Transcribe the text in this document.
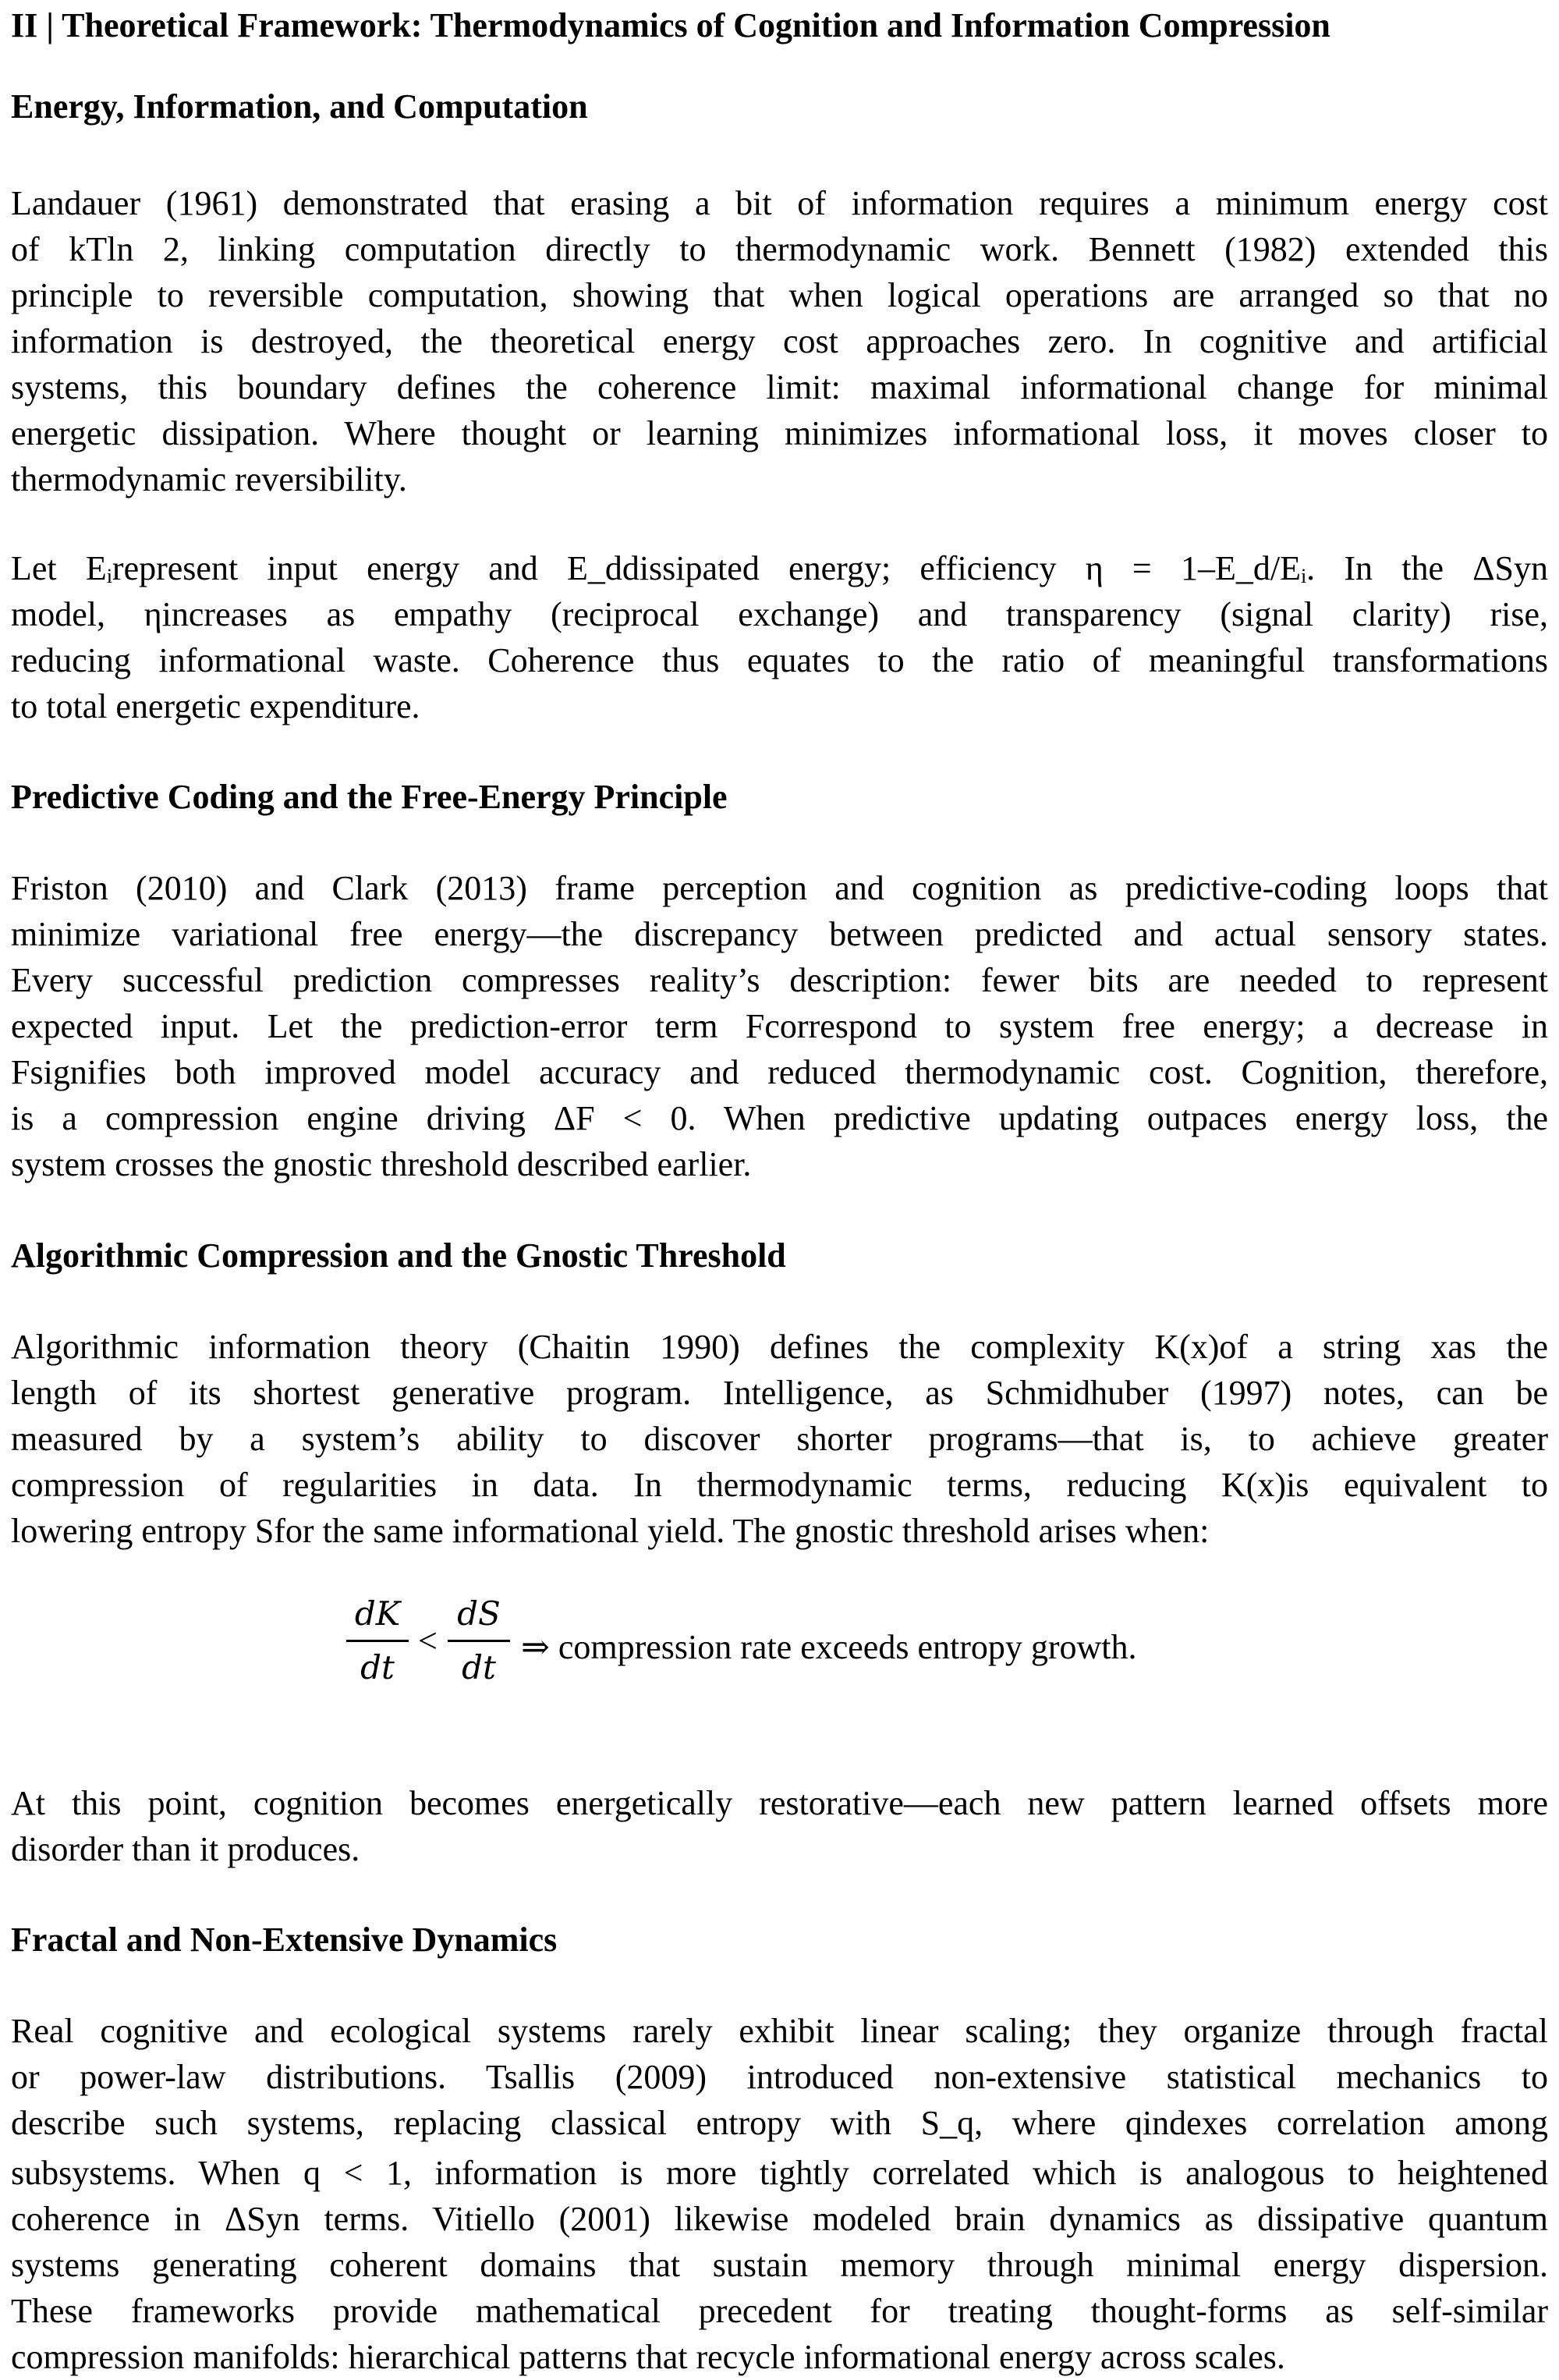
II | Theoretical Framework: Thermodynamics of Cognition and Information Compression
Energy, Information, and Computation
Landauer (1961) demonstrated that erasing a bit of information requires a minimum energy cost
of kTln 2, linking computation directly to thermodynamic work. Bennett (1982) extended this
principle to reversible computation, showing that when logical operations are arranged so that no
information is destroyed, the theoretical energy cost approaches zero. In cognitive and artificial
systems, this boundary defines the coherence limit: maximal informational change for minimal
energetic dissipation. Where thought or learning minimizes informational loss, it moves closer to
thermodynamic reversibility.
Let Eᵢrepresent input energy and E_ddissipated energy; efficiency η = 1–E_d/Eᵢ. In the ΔSyn
model, ηincreases as empathy (reciprocal exchange) and transparency (signal clarity) rise,
reducing informational waste. Coherence thus equates to the ratio of meaningful transformations
to total energetic expenditure.
Predictive Coding and the Free-Energy Principle
Friston (2010) and Clark (2013) frame perception and cognition as predictive-coding loops that
minimize variational free energy—the discrepancy between predicted and actual sensory states.
Every successful prediction compresses reality’s description: fewer bits are needed to represent
expected input. Let the prediction-error term Fcorrespond to system free energy; a decrease in
Fsignifies both improved model accuracy and reduced thermodynamic cost. Cognition, therefore,
is a compression engine driving ΔF < 0. When predictive updating outpaces energy loss, the
system crosses the gnostic threshold described earlier.
Algorithmic Compression and the Gnostic Threshold
Algorithmic information theory (Chaitin 1990) defines the complexity K(x)of a string xas the
length of its shortest generative program. Intelligence, as Schmidhuber (1997) notes, can be
measured by a system’s ability to discover shorter programs—that is, to achieve greater
compression of regularities in data. In thermodynamic terms, reducing K(x)is equivalent to
lowering entropy Sfor the same informational yield. The gnostic threshold arises when:
dK
dt
<
dS
dt
⇒ compression rate exceeds entropy growth.
At this point, cognition becomes energetically restorative—each new pattern learned offsets more
disorder than it produces.
Fractal and Non-Extensive Dynamics
Real cognitive and ecological systems rarely exhibit linear scaling; they organize through fractal
or power-law distributions. Tsallis (2009) introduced non-extensive statistical mechanics to
describe such systems, replacing classical entropy with S_q, where qindexes correlation among
subsystems. When q < 1, information is more tightly correlated which is analogous to heightened
coherence in ΔSyn terms. Vitiello (2001) likewise modeled brain dynamics as dissipative quantum
systems generating coherent domains that sustain memory through minimal energy dispersion.
These frameworks provide mathematical precedent for treating thought-forms as self-similar
compression manifolds: hierarchical patterns that recycle informational energy across scales.
